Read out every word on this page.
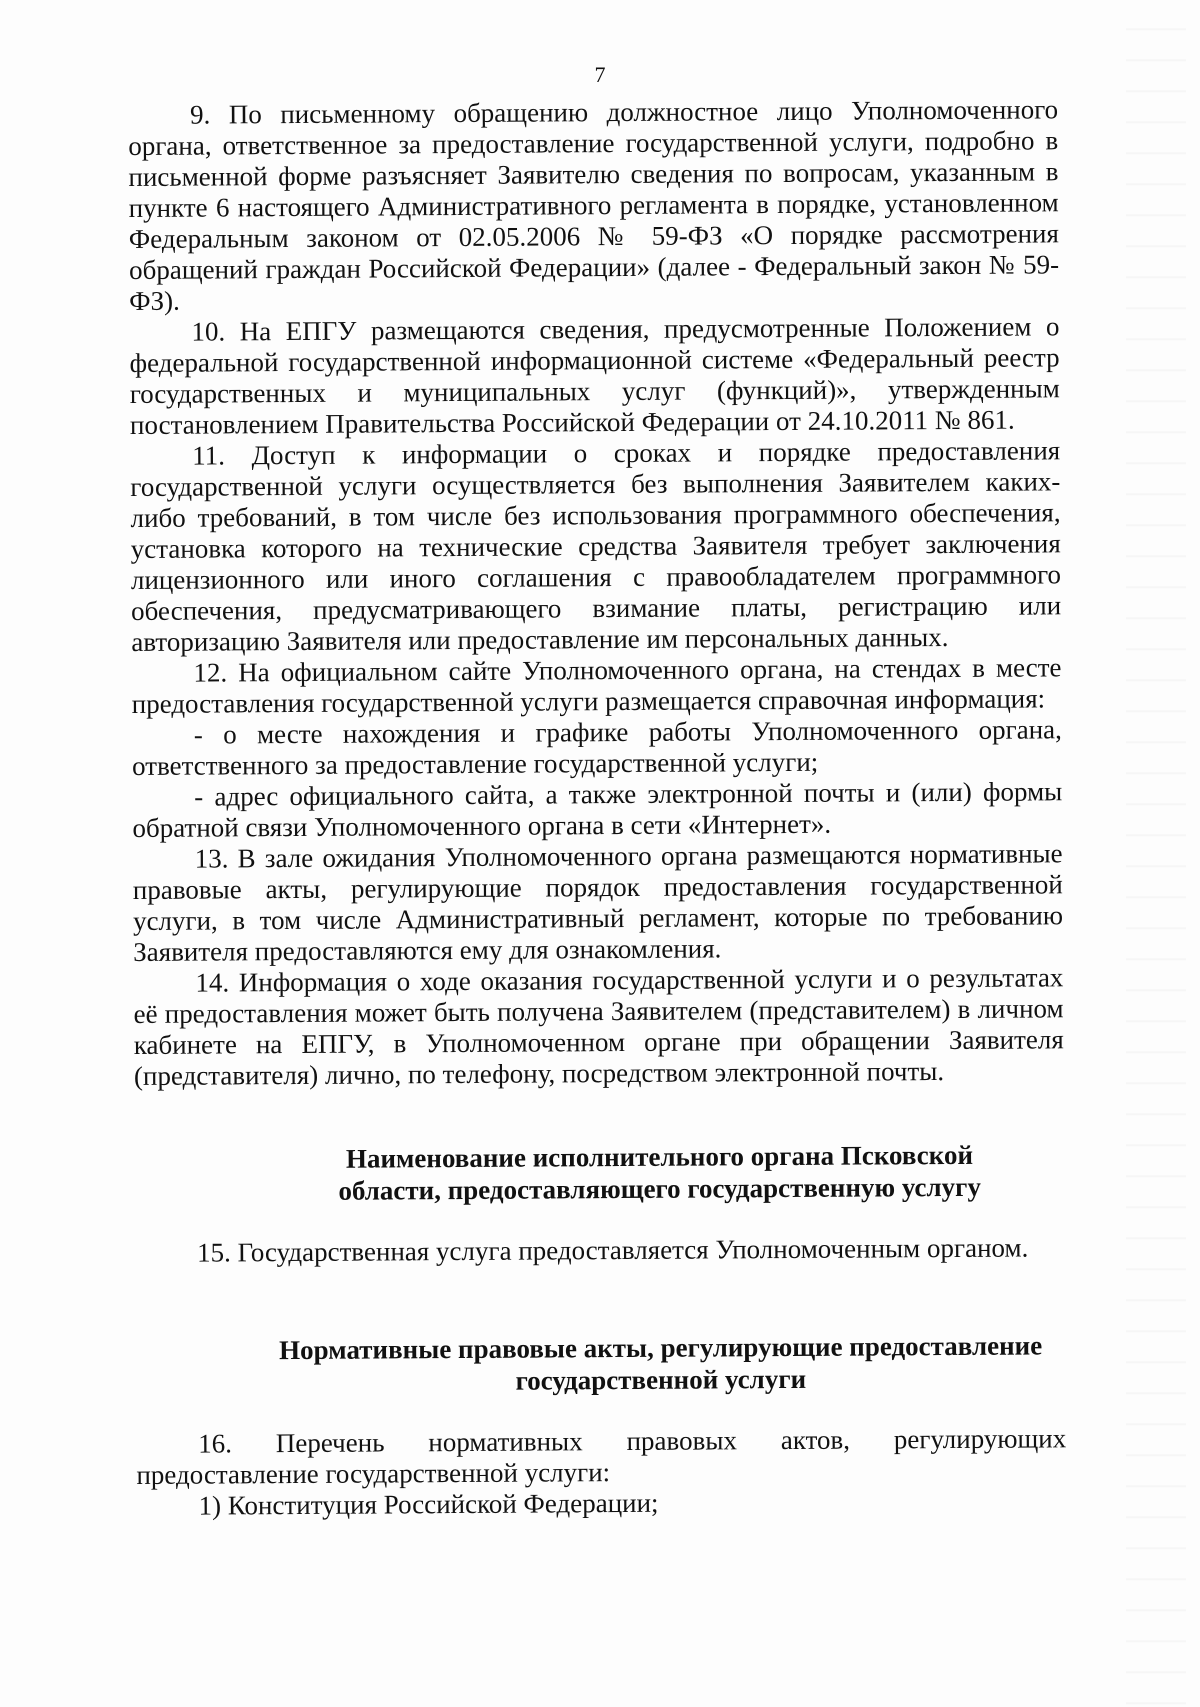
7

9. По письменному обращению должностное лицо Уполномоченного органа, ответственное за предоставление государственной услуги, подробно в письменной форме разъясняет Заявителю сведения по вопросам, указанным в пункте 6 настоящего Административного регламента в порядке, установленном Федеральным законом от 02.05.2006 № 59-ФЗ «О порядке рассмотрения обращений граждан Российской Федерации» (далее - Федеральный закон № 59-ФЗ).

10. На ЕПГУ размещаются сведения, предусмотренные Положением о федеральной государственной информационной системе «Федеральный реестр государственных и муниципальных услуг (функций)», утвержденным постановлением Правительства Российской Федерации от 24.10.2011 № 861.

11. Доступ к информации о сроках и порядке предоставления государственной услуги осуществляется без выполнения Заявителем каких-либо требований, в том числе без использования программного обеспечения, установка которого на технические средства Заявителя требует заключения лицензионного или иного соглашения с правообладателем программного обеспечения, предусматривающего взимание платы, регистрацию или авторизацию Заявителя или предоставление им персональных данных.

12. На официальном сайте Уполномоченного органа, на стендах в месте предоставления государственной услуги размещается справочная информация:

- о месте нахождения и графике работы Уполномоченного органа, ответственного за предоставление государственной услуги;

- адрес официального сайта, а также электронной почты и (или) формы обратной связи Уполномоченного органа в сети «Интернет».

13. В зале ожидания Уполномоченного органа размещаются нормативные правовые акты, регулирующие порядок предоставления государственной услуги, в том числе Административный регламент, которые по требованию Заявителя предоставляются ему для ознакомления.

14. Информация о ходе оказания государственной услуги и о результатах её предоставления может быть получена Заявителем (представителем) в личном кабинете на ЕПГУ, в Уполномоченном органе при обращении Заявителя (представителя) лично, по телефону, посредством электронной почты.

Наименование исполнительного органа Псковской

области, предоставляющего государственную услугу

15. Государственная услуга предоставляется Уполномоченным органом.

Нормативные правовые акты, регулирующие предоставление

государственной услуги

16. Перечень нормативных правовых актов, регулирующих предоставление государственной услуги:

1) Конституция Российской Федерации;
